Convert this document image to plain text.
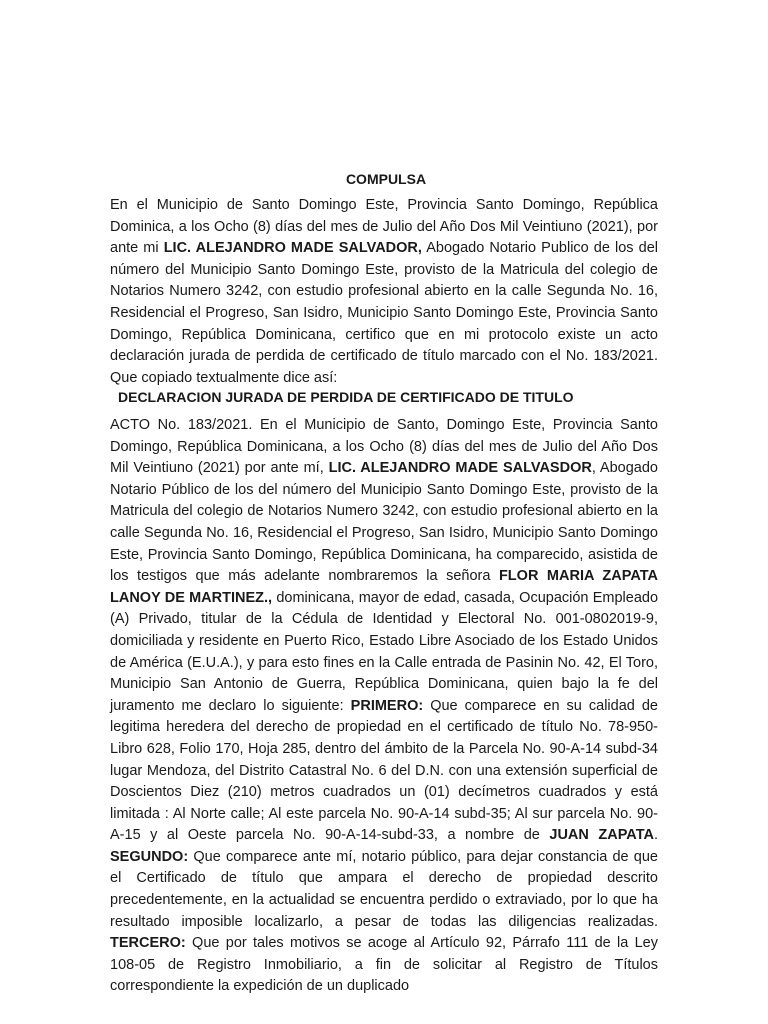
COMPULSA

En el Municipio de Santo Domingo Este, Provincia Santo Domingo, República Dominica, a los Ocho (8) días del mes de Julio del Año Dos Mil Veintiuno (2021), por ante mi LIC. ALEJANDRO MADE SALVADOR, Abogado Notario Publico de los del número del Municipio Santo Domingo Este, provisto de la Matricula del colegio de Notarios Numero 3242, con estudio profesional abierto en la calle Segunda No. 16, Residencial el Progreso, San Isidro, Municipio Santo Domingo Este, Provincia Santo Domingo, República Dominicana, certifico que en mi protocolo existe un acto declaración jurada de perdida de certificado de título marcado con el No. 183/2021. Que copiado textualmente dice así:

DECLARACION JURADA DE PERDIDA DE CERTIFICADO DE TITULO

ACTO No. 183/2021. En el Municipio de Santo, Domingo Este, Provincia Santo Domingo, República Dominicana, a los Ocho (8) días del mes de Julio del Año Dos Mil Veintiuno (2021) por ante mí, LIC. ALEJANDRO MADE SALVASDOR, Abogado Notario Público de los del número del Municipio Santo Domingo Este, provisto de la Matricula del colegio de Notarios Numero 3242, con estudio profesional abierto en la calle Segunda No. 16, Residencial el Progreso, San Isidro, Municipio Santo Domingo Este, Provincia Santo Domingo, República Dominicana, ha comparecido, asistida de los testigos que más adelante nombraremos la señora FLOR MARIA ZAPATA LANOY DE MARTINEZ., dominicana, mayor de edad, casada, Ocupación Empleado (A) Privado, titular de la Cédula de Identidad y Electoral No. 001-0802019-9, domiciliada y residente en Puerto Rico, Estado Libre Asociado de los Estado Unidos de América (E.U.A.), y para esto fines en la Calle entrada de Pasinin No. 42, El Toro, Municipio San Antonio de Guerra, República Dominicana, quien bajo la fe del juramento me declaro lo siguiente: PRIMERO: Que comparece en su calidad de legitima heredera del derecho de propiedad en el certificado de título No. 78-950- Libro 628, Folio 170, Hoja 285, dentro del ámbito de la Parcela No. 90-A-14 subd-34 lugar Mendoza, del Distrito Catastral No. 6 del D.N. con una extensión superficial de Doscientos Diez (210) metros cuadrados un (01) decímetros cuadrados y está limitada : Al Norte calle; Al este parcela No. 90-A-14 subd-35; Al sur parcela No. 90-A-15 y al Oeste parcela No. 90-A-14-subd-33, a nombre de JUAN ZAPATA. SEGUNDO: Que comparece ante mí, notario público, para dejar constancia de que el Certificado de título que ampara el derecho de propiedad descrito precedentemente, en la actualidad se encuentra perdido o extraviado, por lo que ha resultado imposible localizarlo, a pesar de todas las diligencias realizadas. TERCERO: Que por tales motivos se acoge al Artículo 92, Párrafo 111 de la Ley 108-05 de Registro Inmobiliario, a fin de solicitar al Registro de Títulos correspondiente la expedición de un duplicado
